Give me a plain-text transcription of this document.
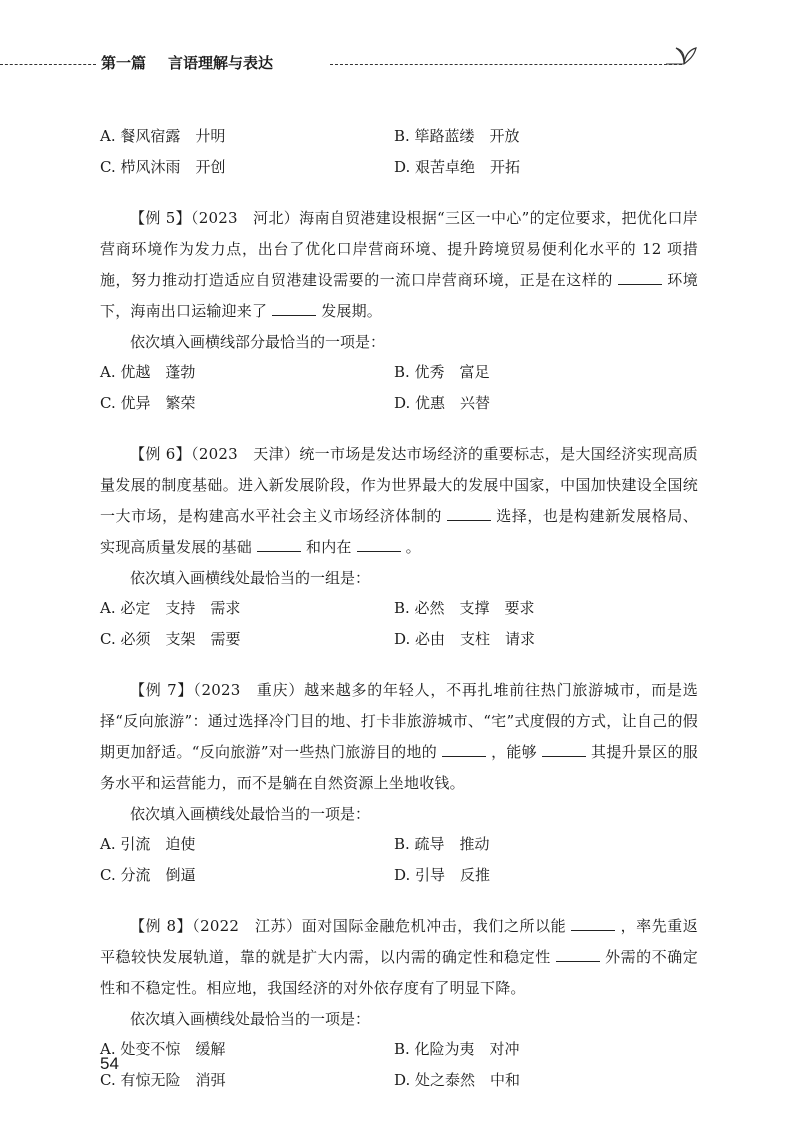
第一篇 言语理解与表达
A. 餐风宿露　廾明	B. 筚路蓝缕　开放
C. 栉风沐雨　开创	D. 艰苦卓绝　开拓

【例 5】（2023　河北）海南自贸港建设根据“三区一中心”的定位要求，把优化口岸营商环境作为发力点，出台了优化口岸营商环境、提升跨境贸易便利化水平的 12 项措施，努力推动打造适应自贸港建设需要的一流口岸营商环境，正是在这样的	环境下，海南出口运输迎来了	发展期。

依次填入画横线部分最恰当的一项是：

A. 优越　蓬勃	B. 优秀　富足
C. 优异　繁荣	D. 优惠　兴替

【例 6】（2023　天津）统一市场是发达市场经济的重要标志，是大国经济实现高质量发展的制度基础。进入新发展阶段，作为世界最大的发展中国家，中国加快建设全国统一大市场，是构建高水平社会主义市场经济体制的	选择，也是构建新发展格局、实现高质量发展的基础	和内在	。

依次填入画横线处最恰当的一组是：

A. 必定　支持　需求	B. 必然　支撑　要求
C. 必须　支架　需要	D. 必由　支柱　请求

【例 7】（2023　重庆）越来越多的年轻人，不再扎堆前往热门旅游城市，而是选择“反向旅游”：通过选择冷门目的地、打卡非旅游城市、“宅”式度假的方式，让自己的假期更加舒适。“反向旅游”对一些热门旅游目的地的	，能够	其提升景区的服务水平和运营能力，而不是躺在自然资源上坐地收钱。

依次填入画横线处最恰当的一项是：

A. 引流　迫使	B. 疏导　推动
C. 分流　倒逼	D. 引导　反推

【例 8】（2022　江苏）面对国际金融危机冲击，我们之所以能	，率先重返平稳较快发展轨道，靠的就是扩大内需，以内需的确定性和稳定性	外需的不确定性和不稳定性。相应地，我国经济的对外依存度有了明显下降。

依次填入画横线处最恰当的一项是：

A. 处变不惊　缓解	B. 化险为夷　对冲
C. 有惊无险　消弭	D. 处之泰然　中和
54
